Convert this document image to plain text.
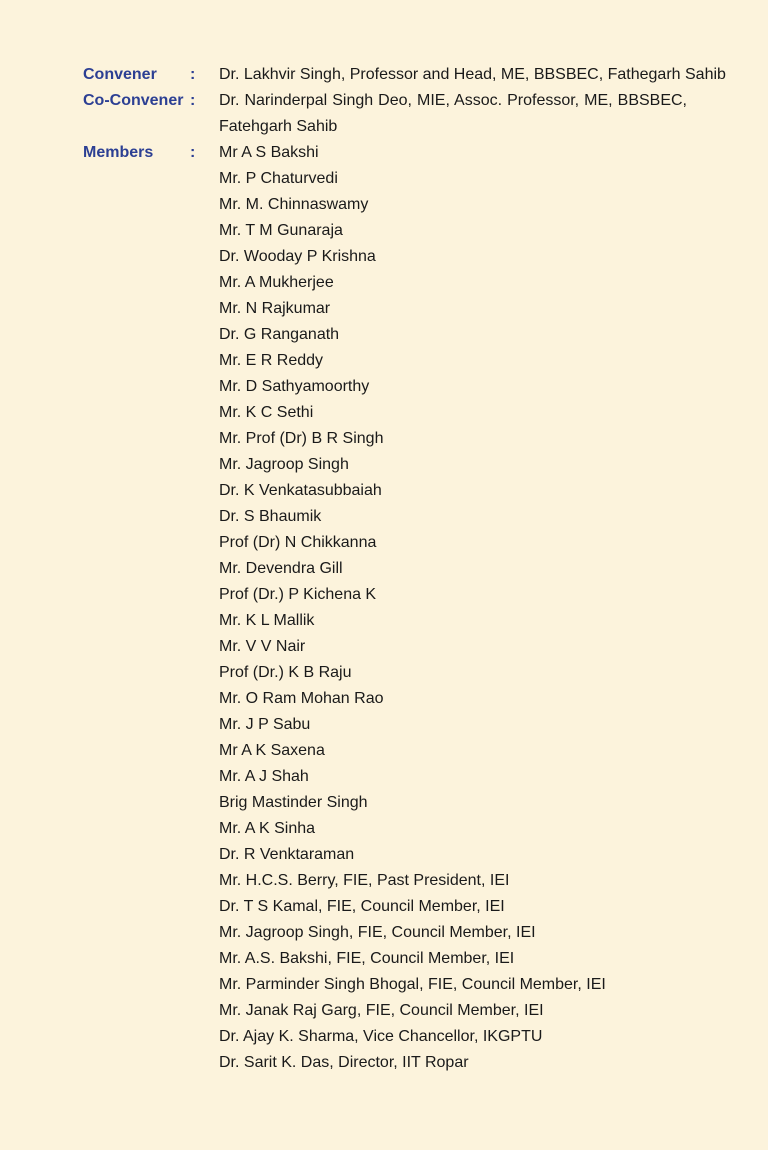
Convener : Dr. Lakhvir Singh, Professor and Head, ME, BBSBEC, Fathegarh Sahib
Co-Convener : Dr. Narinderpal Singh Deo, MIE, Assoc. Professor, ME, BBSBEC, Fatehgarh Sahib
Members : Mr A S Bakshi
Mr. P Chaturvedi
Mr. M. Chinnaswamy
Mr. T M Gunaraja
Dr. Wooday P Krishna
Mr. A Mukherjee
Mr. N Rajkumar
Dr. G Ranganath
Mr. E R Reddy
Mr. D Sathyamoorthy
Mr. K C Sethi
Mr. Prof (Dr) B R Singh
Mr. Jagroop Singh
Dr. K Venkatasubbaiah
Dr. S Bhaumik
Prof (Dr) N Chikkanna
Mr. Devendra Gill
Prof (Dr.) P Kichena K
Mr. K L Mallik
Mr. V V Nair
Prof (Dr.) K B Raju
Mr. O Ram Mohan Rao
Mr. J P Sabu
Mr A K Saxena
Mr. A J Shah
Brig Mastinder Singh
Mr. A K Sinha
Dr. R Venktaraman
Mr. H.C.S. Berry, FIE, Past President, IEI
Dr. T S Kamal, FIE, Council Member, IEI
Mr. Jagroop Singh, FIE, Council Member, IEI
Mr. A.S. Bakshi, FIE, Council Member, IEI
Mr. Parminder Singh Bhogal, FIE, Council Member, IEI
Mr. Janak Raj Garg, FIE, Council Member, IEI
Dr. Ajay K. Sharma, Vice Chancellor, IKGPTU
Dr. Sarit K. Das, Director, IIT Ropar
